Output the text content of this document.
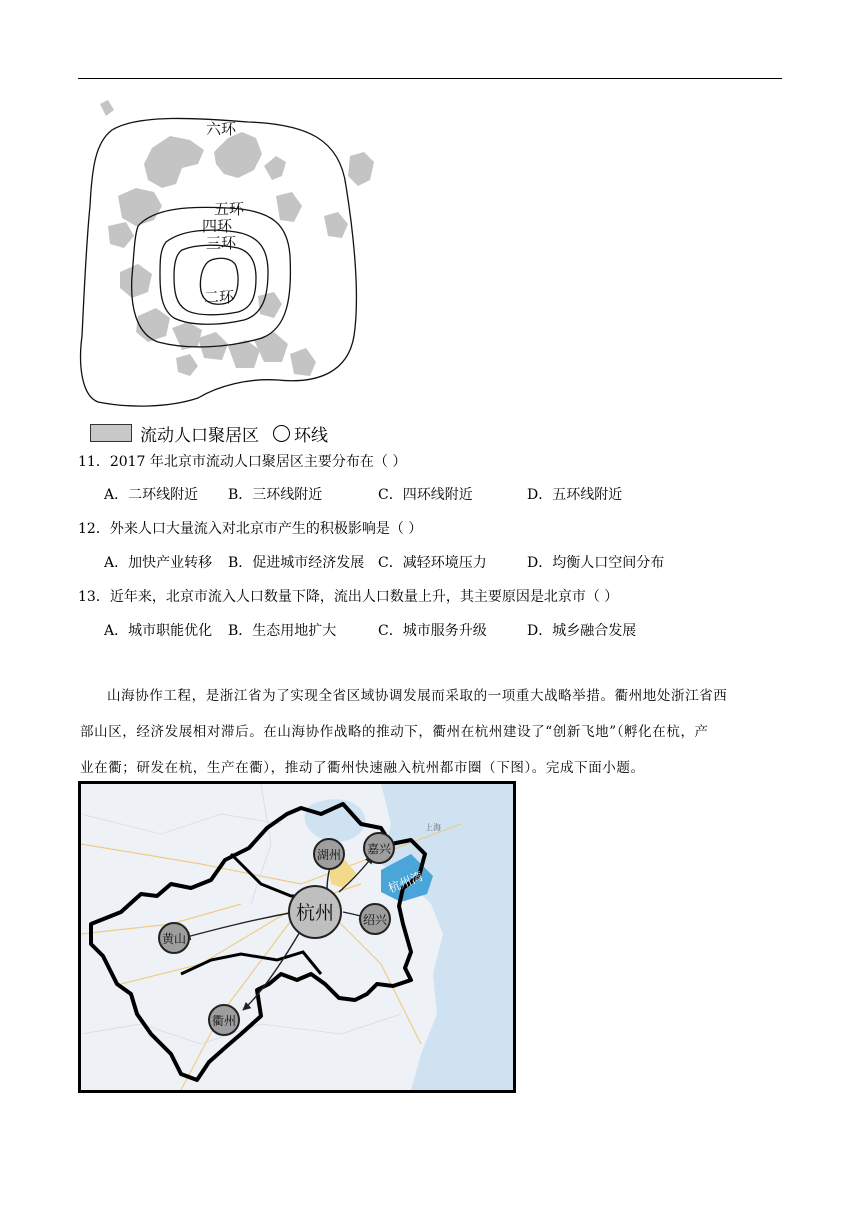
六环
五环
四环
三环
二环
流动人口聚居区 环线
11．2017 年北京市流动人口聚居区主要分布在（ ）
A．二环线附近 B．三环线附近	C．四环线附近	D．五环线附近
12．外来人口大量流入对北京市产生的积极影响是（ ）
A．加快产业转移 B．促进城市经济发展 C．减轻环境压力	D．均衡人口空间分布
13．近年来，北京市流入人口数量下降，流出人口数量上升，其主要原因是北京市（ ）
A．城市职能优化 B．生态用地扩大	C．城市服务升级	D．城乡融合发展

山海协作工程，是浙江省为了实现全省区域协调发展而采取的一项重大战略举措。衢州地处浙江省西

部山区，经济发展相对滞后。在山海协作战略的推动下，衢州在杭州建设了“创新飞地”（孵化在杭，产

业在衢；研发在杭，生产在衢），推动了衢州快速融入杭州都市圈（下图）。完成下面小题。

上海
杭州
湖州 嘉兴
绍兴
黄山
衢州
杭州湾
